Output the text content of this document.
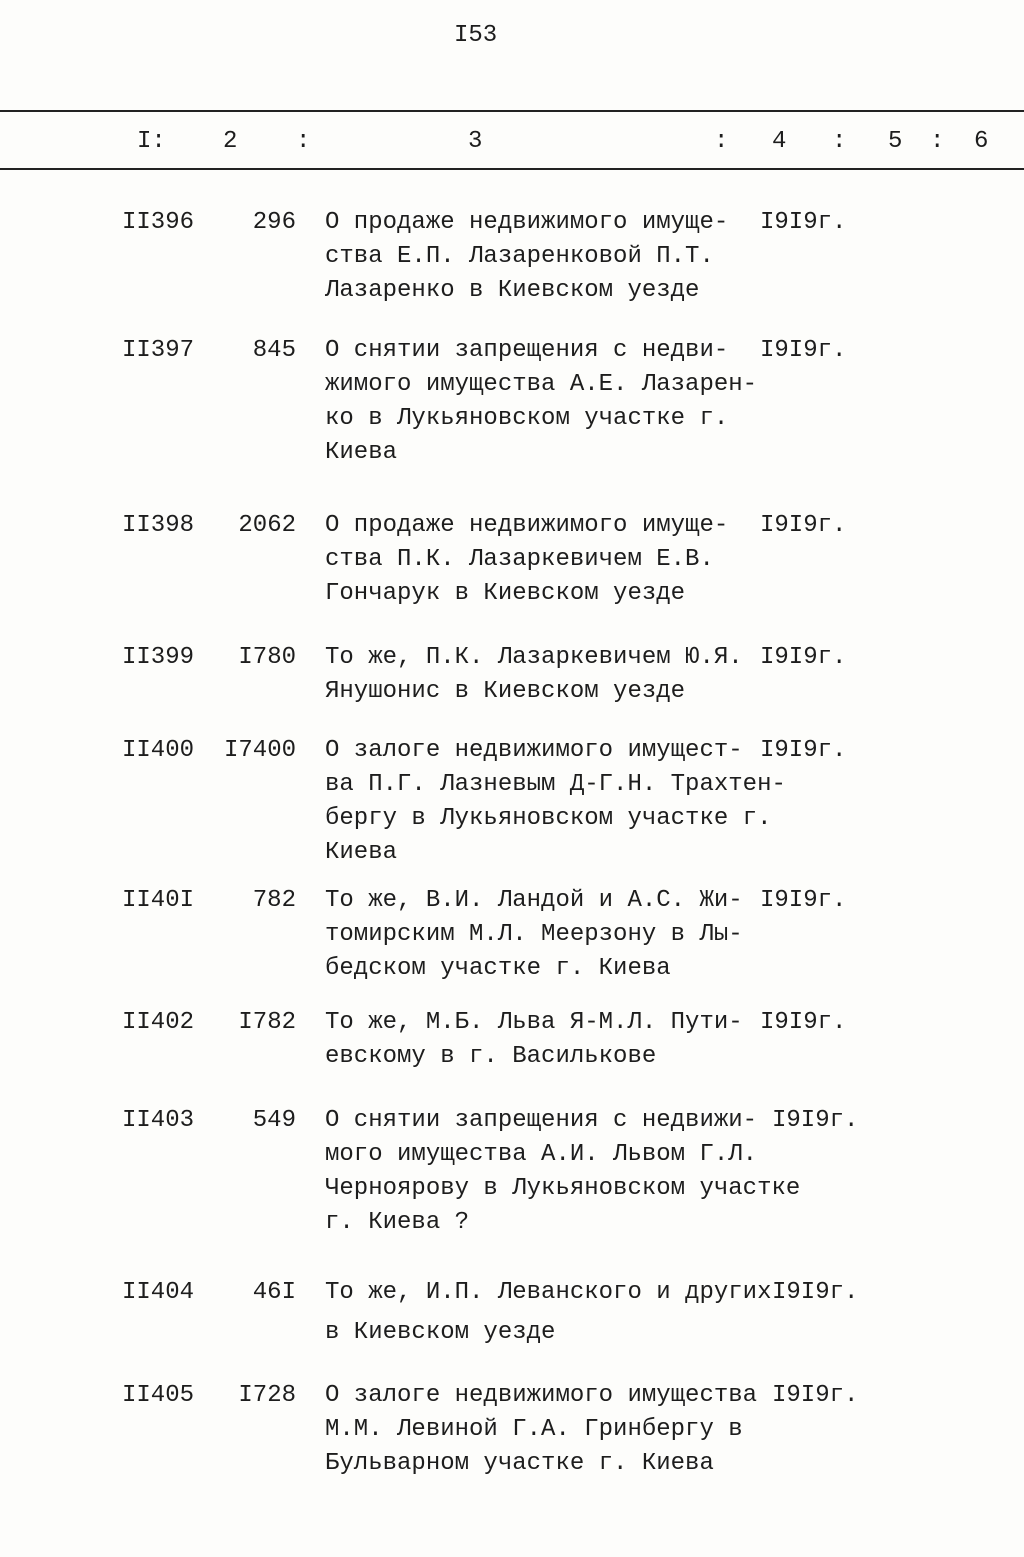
I53
I: 2 :	3	: 4 : 5 : 6
II396	296 О продаже недвижимого имуще-
ства Е.П. Лазаренковой П.Т.
Лазаренко в Киевском уезде
I9I9г.
II397	845 О снятии запрещения с недви-
жимого имущества А.Е. Лазарен-
ко в Лукьяновском участке г.
Киева
I9I9г.
II398	2062 О продаже недвижимого имуще-
ства П.К. Лазаркевичем Е.В.
Гончарук в Киевском уезде
I9I9г.
II399	I780 То же, П.К. Лазаркевичем Ю.Я.
Янушонис в Киевском уезде
I9I9г.
II400	I7400 О залоге недвижимого имущест-
ва П.Г. Лазневым Д-Г.Н. Трахтен-
бергу в Лукьяновском участке г.
Киева
I9I9г.
II40I	782 То же, В.И. Ландой и А.С. Жи-
томирским М.Л. Меерзону в Лы-
бедском участке г. Киева
I9I9г.
II402	I782 То же, М.Б. Льва Я-М.Л. Пути-
евскому в г. Василькове
I9I9г.
II403	549 О снятии запрещения с недвижи-
мого имущества А.И. Львом Г.Л.
Черноярову в Лукьяновском участке
г. Киева ?
I9I9г.
II404	46I То же, И.П. Леванского и других
в Киевском уезде
I9I9г.
II405	I728 О залоге недвижимого имущества
М.М. Левиной Г.А. Гринбергу в
Бульварном участке г. Киева
I9I9г.
